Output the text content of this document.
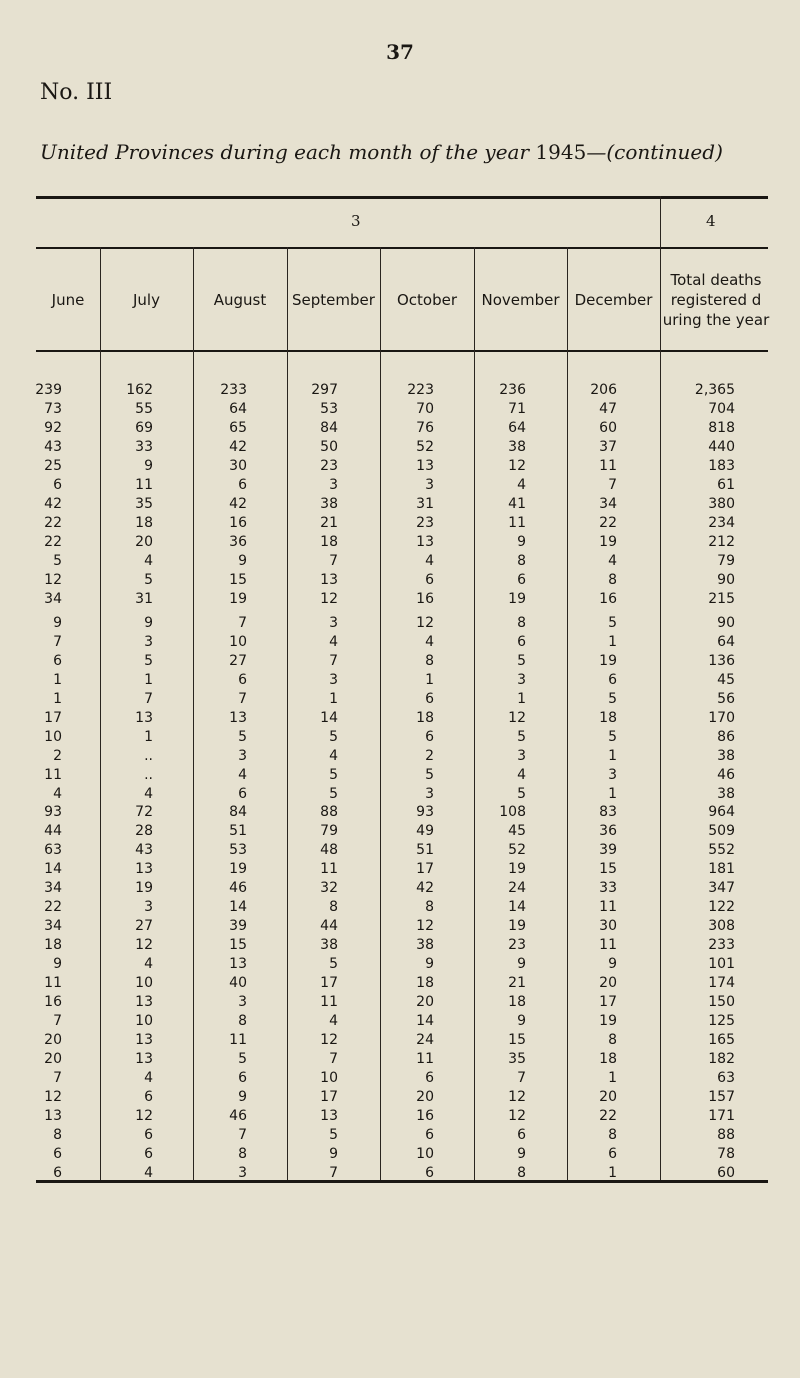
37
No. III
United Provinces during each month of the year 1945—(continued)
3	4
June	July	August	September	October	November	December
Total deaths registered d uring the year
239	162	233	297	223	236	206	2,365
73	55	64	53	70	71	47	704
92	69	65	84	76	64	60	818
43	33	42	50	52	38	37	440
25	9	30	23	13	12	11	183
6	11	6	3	3	4	7	61
42	35	42	38	31	41	34	380
22	18	16	21	23	11	22	234
22	20	36	18	13	9	19	212
5	4	9	7	4	8	4	79
12	5	15	13	6	6	8	90
34	31	19	12	16	19	16	215
9	9	7	3	12	8	5	90
7	3	10	4	4	6	1	64
6	5	27	7	8	5	19	136
1	1	6	3	1	3	6	45
1	7	7	1	6	1	5	56
17	13	13	14	18	12	18	170
10	1	5	5	6	5	5	86
2	..	3	4	2	3	1	38
11	..	4	5	5	4	3	46
4	4	6	5	3	5	1	38
93	72	84	88	93	108	83	964
44	28	51	79	49	45	36	509
63	43	53	48	51	52	39	552
14	13	19	11	17	19	15	181
34	19	46	32	42	24	33	347
22	3	14	8	8	14	11	122
34	27	39	44	12	19	30	308
18	12	15	38	38	23	11	233
9	4	13	5	9	9	9	101
11	10	40	17	18	21	20	174
16	13	3	11	20	18	17	150
7	10	8	4	14	9	19	125
20	13	11	12	24	15	8	165
20	13	5	7	11	35	18	182
7	4	6	10	6	7	1	63
12	6	9	17	20	12	20	157
13	12	46	13	16	12	22	171
8	6	7	5	6	6	8	88
6	6	8	9	10	9	6	78
6	4	3	7	6	8	1	60
